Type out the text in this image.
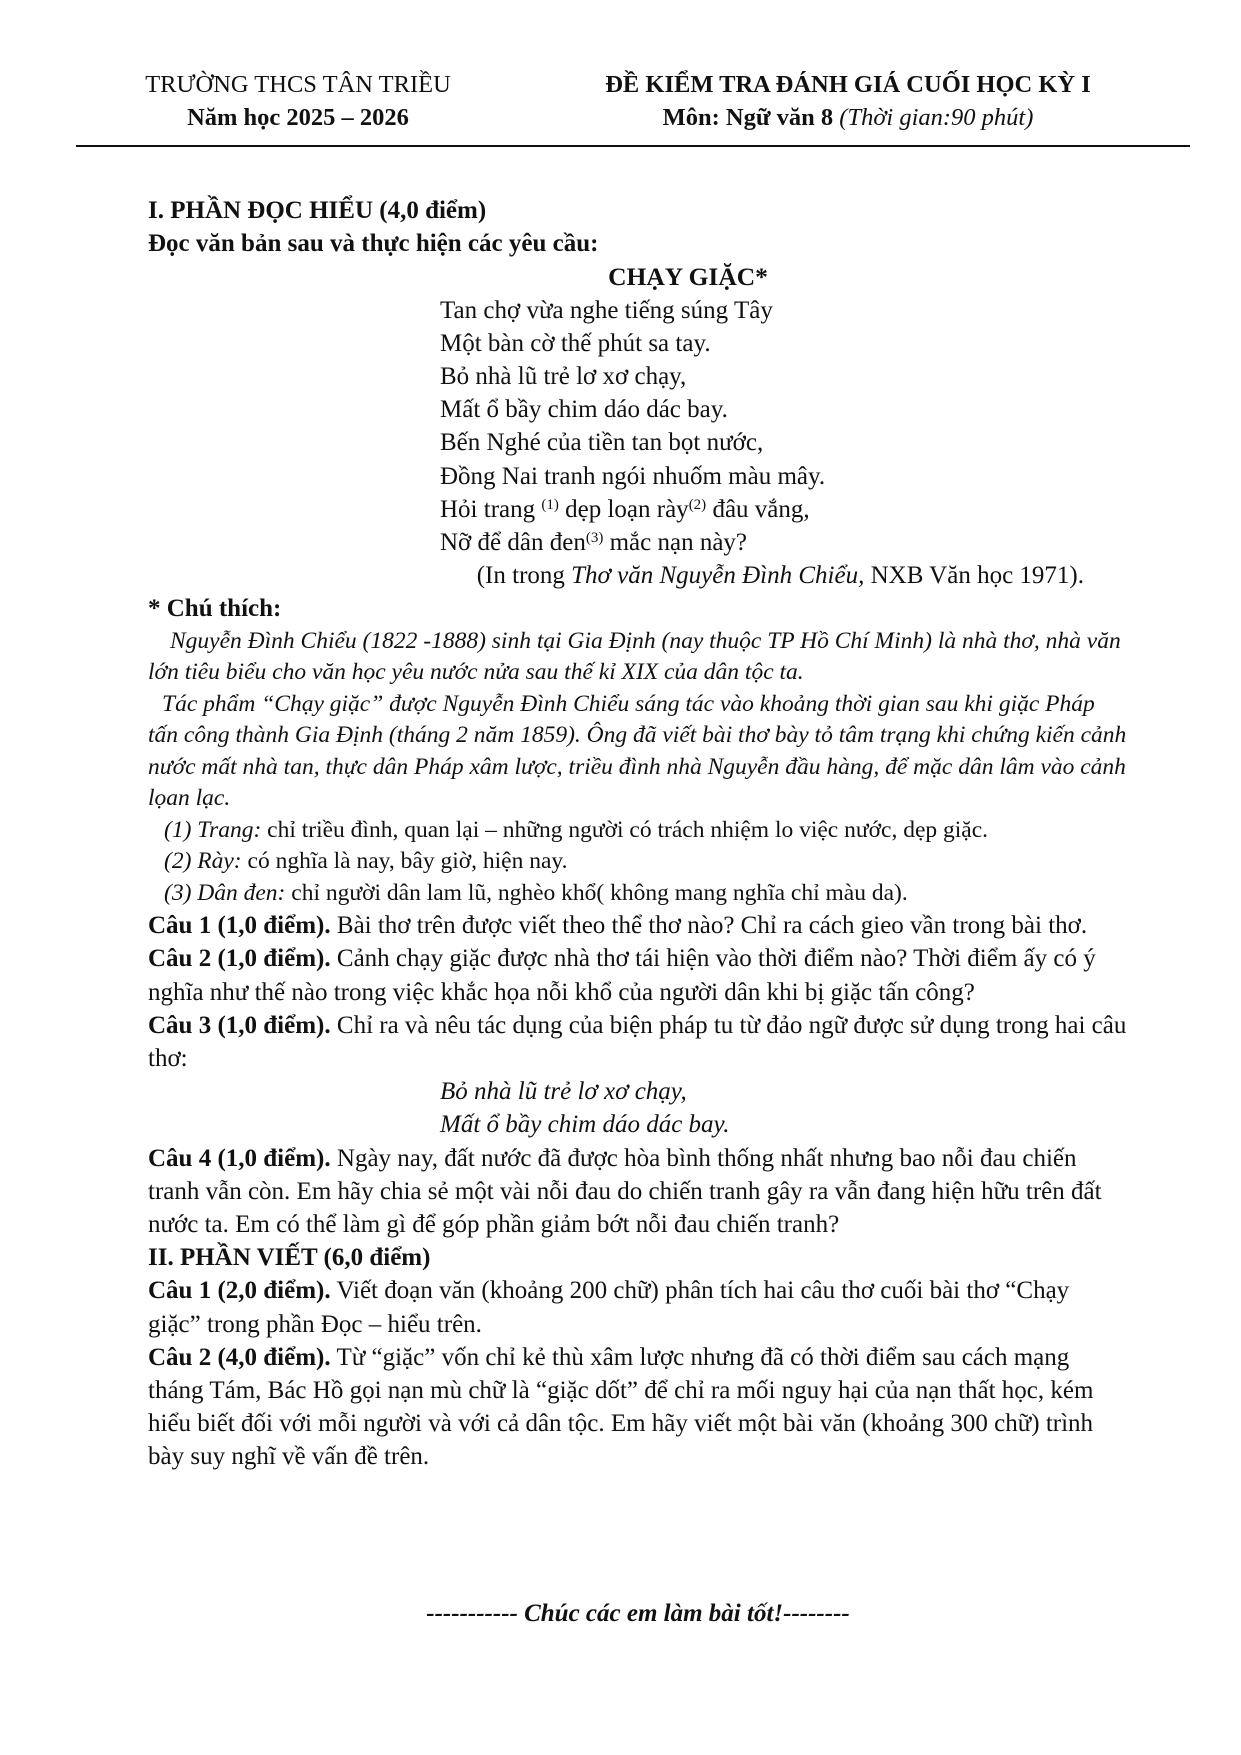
TRƯỜNG THCS TÂN TRIỀU
Năm học 2025 – 2026
ĐỀ KIỂM TRA ĐÁNH GIÁ CUỐI HỌC KỲ I
Môn: Ngữ văn 8 (Thời gian:90 phút)

I. PHẦN ĐỌC HIỂU (4,0 điểm)

Đọc văn bản sau và thực hiện các yêu cầu:

CHẠY GIẶC*

Tan chợ vừa nghe tiếng súng Tây

Một bàn cờ thế phút sa tay.

Bỏ nhà lũ trẻ lơ xơ chạy,

Mất ổ bầy chim dáo dác bay.

Bến Nghé của tiền tan bọt nước,

Đồng Nai tranh ngói nhuốm màu mây.

Hỏi trang $^{(1)}$ dẹp loạn rày$^{(2)}$ đâu vắng,

Nỡ để dân đen$^{(3)}$ mắc nạn này?

(In trong Thơ văn Nguyễn Đình Chiểu, NXB Văn học 1971).

* Chú thích:

Nguyễn Đình Chiểu (1822 -1888) sinh tại Gia Định (nay thuộc TP Hồ Chí Minh) là nhà thơ, nhà văn lớn tiêu biểu cho văn học yêu nước nửa sau thế kỉ XIX của dân tộc ta.

Tác phẩm “Chạy giặc” được Nguyễn Đình Chiểu sáng tác vào khoảng thời gian sau khi giặc Pháp tấn công thành Gia Định (tháng 2 năm 1859). Ông đã viết bài thơ bày tỏ tâm trạng khi chứng kiến cảnh nước mất nhà tan, thực dân Pháp xâm lược, triều đình nhà Nguyễn đầu hàng, để mặc dân lâm vào cảnh lọan lạc.

(1) Trang: chỉ triều đình, quan lại – những người có trách nhiệm lo việc nước, dẹp giặc.

(2) Rày: có nghĩa là nay, bây giờ, hiện nay.

(3) Dân đen: chỉ người dân lam lũ, nghèo khổ( không mang nghĩa chỉ màu da).

Câu 1 (1,0 điểm). Bài thơ trên được viết theo thể thơ nào? Chỉ ra cách gieo vần trong bài thơ.

Câu 2 (1,0 điểm). Cảnh chạy giặc được nhà thơ tái hiện vào thời điểm nào? Thời điểm ấy có ý nghĩa như thế nào trong việc khắc họa nỗi khổ của người dân khi bị giặc tấn công?

Câu 3 (1,0 điểm). Chỉ ra và nêu tác dụng của biện pháp tu từ đảo ngữ được sử dụng trong hai câu thơ:

Bỏ nhà lũ trẻ lơ xơ chạy,

Mất ổ bầy chim dáo dác bay.

Câu 4 (1,0 điểm). Ngày nay, đất nước đã được hòa bình thống nhất nhưng bao nỗi đau chiến tranh vẫn còn. Em hãy chia sẻ một vài nỗi đau do chiến tranh gây ra vẫn đang hiện hữu trên đất nước ta. Em có thể làm gì để góp phần giảm bớt nỗi đau chiến tranh?

II. PHẦN VIẾT (6,0 điểm)

Câu 1 (2,0 điểm). Viết đoạn văn (khoảng 200 chữ) phân tích hai câu thơ cuối bài thơ “Chạy giặc” trong phần Đọc – hiểu trên.

Câu 2 (4,0 điểm). Từ “giặc” vốn chỉ kẻ thù xâm lược nhưng đã có thời điểm sau cách mạng tháng Tám, Bác Hồ gọi nạn mù chữ là “giặc dốt” để chỉ ra mối nguy hại của nạn thất học, kém hiểu biết đối với mỗi người và với cả dân tộc. Em hãy viết một bài văn (khoảng 300 chữ) trình bày suy nghĩ về vấn đề trên.

----------- Chúc các em làm bài tốt!--------
